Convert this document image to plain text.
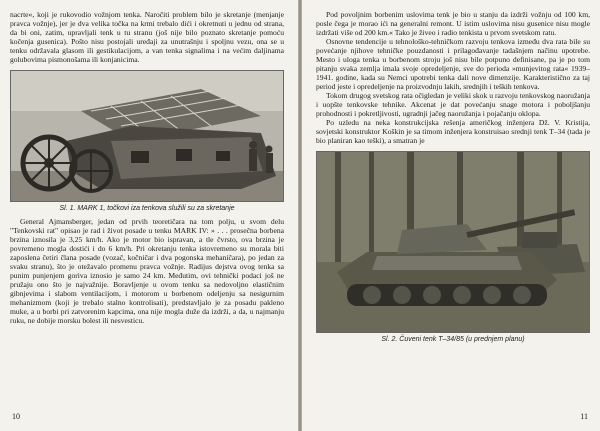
nacrte«, koji je rukovodio vožnjom tenka. Naročiti problem bilo je skretanje (menjanje pravca vožnje), jer je dva velika točka na krmi trebalo dići i okretnuti u jednu od strana, da bi oni, zatim, upravljali tenk u tu stranu (još nije bilo poznato skretanje pomoću kočenja gusenica). Pošto nisu postojali uređaji za unutrašnju i spoljnu vezu, ona se u tenku održavala glasom ili gestikulacijom, a van tenka signalima i na većim daljinama golubovima pismonošama ili konjanicima.

Sl. 1. MARK 1, točkovi iza tenkova služili su za skretanje

General Ajmansberger, jedan od prvih teoretičara na tom polju, u svom delu "Tenkovski rat" opisao je rad i život posade u tenku MARK IV: » . . . prosečna borbena brzina iznosila je 3,25 km/h. Ako je motor bio ispravan, a tle čvrsto, ova brzina je povremeno mogla dostići i do 6 km/h. Pri okretanju tenka istovremeno su morala biti zaposlena četiri člana posade (vozač, kočničar i dva pogonska mehaničara), po jedan za svaku stranu), što je otežavalo promenu pravca vožnje. Radijus dejstva ovog tenka sa punim punjenjem goriva iznosio je samo 24 km. Međutim, ovi tehnički podaci još ne pružaju ono što je najvažnije. Boravljenje u ovom tenku sa nedovoljno elastičnim gibnjevima i slabom ventilacijom, i motorom u borbenom odeljenju sa nesigurnim mehanizmom (koji je trebalo stalno kontrolisati), predstavljalo je za posadu pakleno muke, a u borbi pri zatvorenim kapcima, ona nije mogla duže da izdrži, a da, u najmanju ruku, ne dobije morsku bolest ili nesvesticu.

10

Pod povoljnim borbenim uslovima tenk je bio u stanju da izdrži vožnju od 100 km, posle čega je morao ići na generalni remont. U istim uslovima nisu gusenice nisu mogle izdržati više od 200 km.« Tako je živeo i radio tenkista u prvom svetskom ratu.

Osnovne tendencije u tehnološko-tehničkom razvoju tenkova između dva rata bile su povećanje njihove tehničke pouzdanosti i prilagođavanje tadašnjem načinu upotrebe. Mesto i uloga tenka u borbenom stroju još nisu bile potpuno definisane, pa je po tom pitanju svaka zemlja imala svoje opredeljenje, sve do perioda »munjevitog rata« 1939–1941. godine, kada su Nemci upotrebi tenka dali nove dimenzije. Karakteristično za taj period jeste i opredeljenje na proizvodnju lakih, srednjih i teških tenkova.

Tokom drugog svetskog rata očigledan je veliki skok u razvoju tenkovskog naoružanja i uopšte tenkovske tehnike. Akcenat je dat povećanju snage motora i poboljšanju prohodnosti i pokretljivosti, ugradnji jačeg naoružanja i pojačanju oklopa.

Po uzledu na neka konstrukcijska rešenja američkog inženjera Dž. V. Kristija, sovjetski konstruktor Koškin je sa timom inženjera konstruisao srednji tenk T–34 (tada je bio planiran kao teški), a smatran je

Sl. 2. Čuveni tenk T–34/85 (u prednjem planu)
11
